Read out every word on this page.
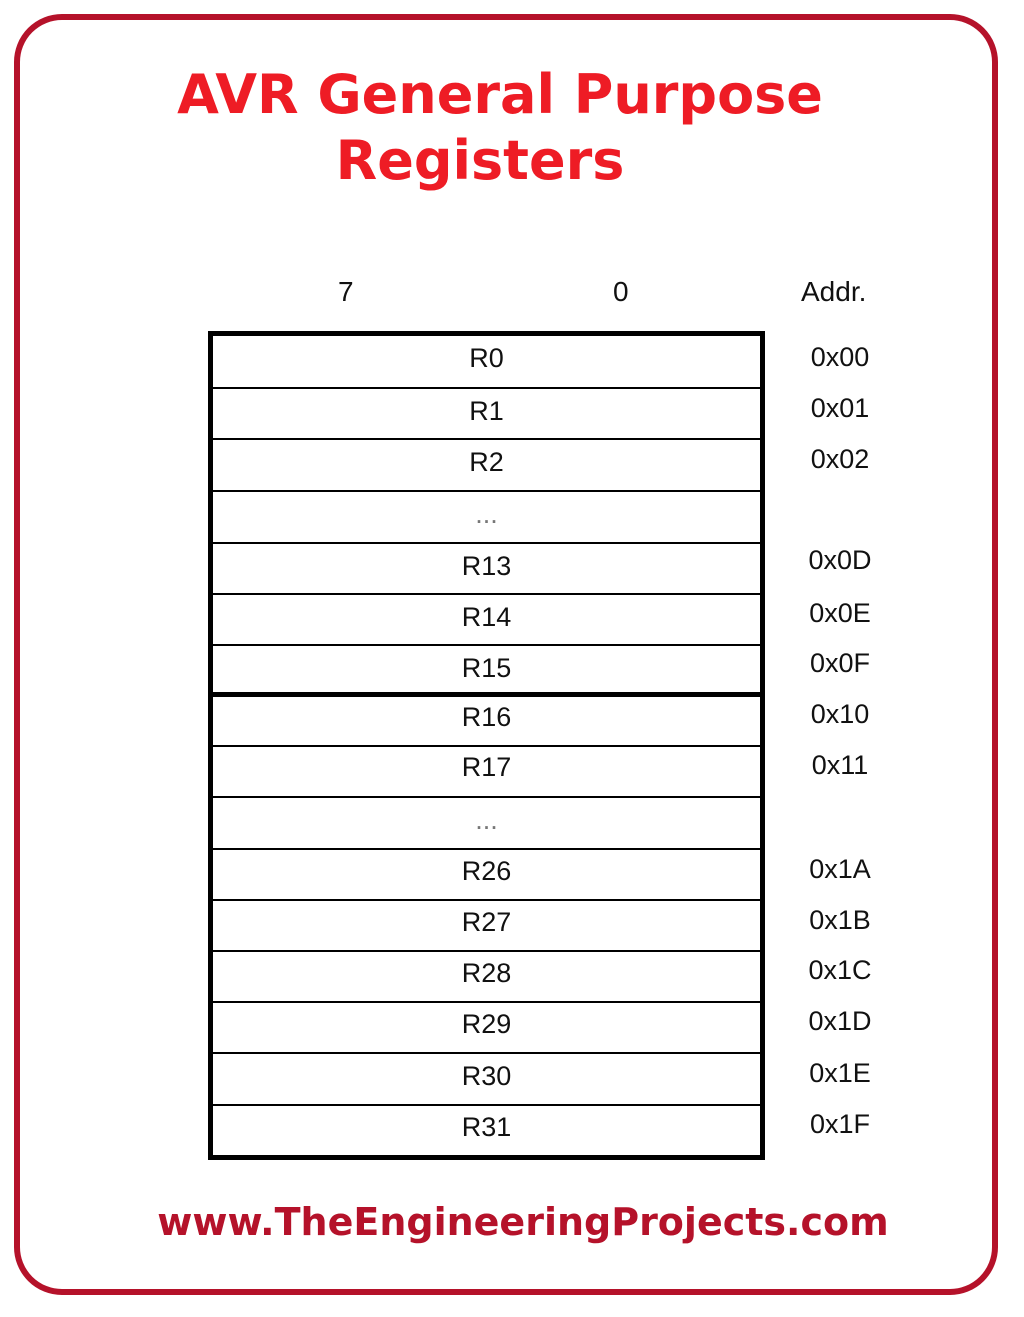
AVR General Purpose
Registers
7	0	Addr.
R0
R1
R2
...
R13
R14
R15
R16
R17
...
R26
R27
R28
R29
R30
R31
0x00
0x01
0x02
0x0D
0x0E
0x0F
0x10
0x11
0x1A
0x1B
0x1C
0x1D
0x1E
0x1F
www.TheEngineeringProjects.com
